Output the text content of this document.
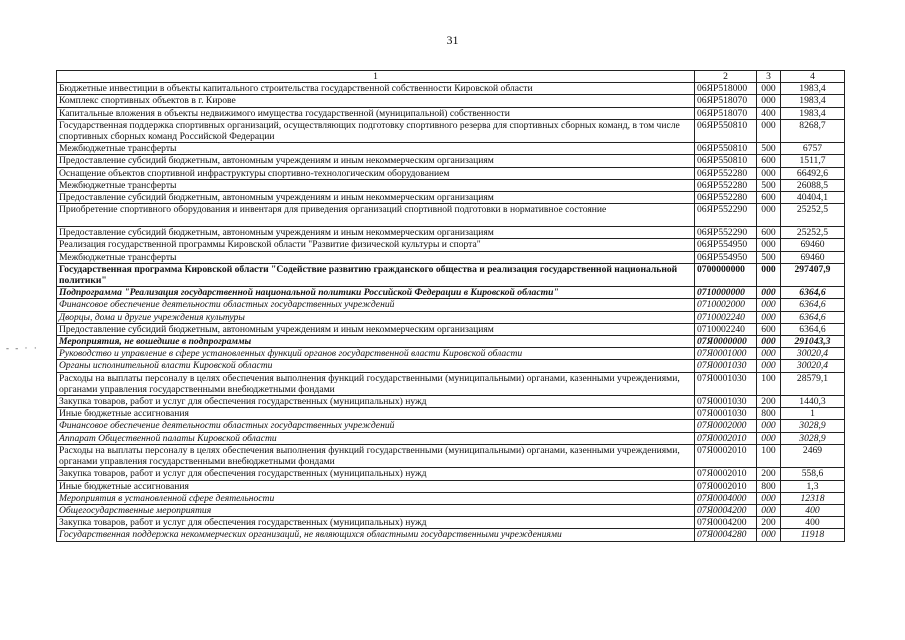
31
- - · ·
1	2	3	4
Бюджетные инвестиции в объекты капитального строительства государственной собственности Кировской области	06ЯР518000	000	1983,4
Комплекс спортивных объектов в г. Кирове	06ЯР518070	000	1983,4
Капитальные вложения в объекты недвижимого имущества государственной (муниципальной) собственности	06ЯР518070	400	1983,4
Государственная поддержка спортивных организаций, осуществляющих подготовку спортивного резерва для спортивных сборных команд, в том числе спортивных сборных команд Российской Федерации	06ЯР550810	000	8268,7
Межбюджетные трансферты	06ЯР550810	500	6757
Предоставление субсидий бюджетным, автономным учреждениям и иным некоммерческим организациям	06ЯР550810	600	1511,7
Оснащение объектов спортивной инфраструктуры спортивно-технологическим оборудованием	06ЯР552280	000	66492,6
Межбюджетные трансферты	06ЯР552280	500	26088,5
Предоставление субсидий бюджетным, автономным учреждениям и иным некоммерческим организациям	06ЯР552280	600	40404,1
Приобретение спортивного оборудования и инвентаря для приведения организаций спортивной подготовки в нормативное состояние	06ЯР552290	000	25252,5
Предоставление субсидий бюджетным, автономным учреждениям и иным некоммерческим организациям	06ЯР552290	600	25252,5
Реализация государственной программы Кировской области "Развитие физической культуры и спорта"	06ЯР554950	000	69460
Межбюджетные трансферты	06ЯР554950	500	69460
Государственная программа Кировской области "Содействие развитию гражданского общества и реализация государственной национальной политики"	0700000000	000	297407,9
Подпрограмма "Реализация государственной национальной политики Российской Федерации в Кировской области"	0710000000	000	6364,6
Финансовое обеспечение деятельности областных государственных учреждений	0710002000	000	6364,6
Дворцы, дома и другие учреждения культуры	0710002240	000	6364,6
Предоставление субсидий бюджетным, автономным учреждениям и иным некоммерческим организациям	0710002240	600	6364,6
Мероприятия, не вошедшие в подпрограммы	07Я0000000	000	291043,3
Руководство и управление в сфере установленных функций органов государственной власти Кировской области	07Я0001000	000	30020,4
Органы исполнительной власти Кировской области	07Я0001030	000	30020,4
Расходы на выплаты персоналу в целях обеспечения выполнения функций государственными (муниципальными) органами, казенными учреждениями, органами управления государственными внебюджетными фондами	07Я0001030	100	28579,1
Закупка товаров, работ и услуг для обеспечения государственных (муниципальных) нужд	07Я0001030	200	1440,3
Иные бюджетные ассигнования	07Я0001030	800	1
Финансовое обеспечение деятельности областных государственных учреждений	07Я0002000	000	3028,9
Аппарат Общественной палаты Кировской области	07Я0002010	000	3028,9
Расходы на выплаты персоналу в целях обеспечения выполнения функций государственными (муниципальными) органами, казенными учреждениями, органами управления государственными внебюджетными фондами	07Я0002010	100	2469
Закупка товаров, работ и услуг для обеспечения государственных (муниципальных) нужд	07Я0002010	200	558,6
Иные бюджетные ассигнования	07Я0002010	800	1,3
Мероприятия в установленной сфере деятельности	07Я0004000	000	12318
Общегосударственные мероприятия	07Я0004200	000	400
Закупка товаров, работ и услуг для обеспечения государственных (муниципальных) нужд	07Я0004200	200	400
Государственная поддержка некоммерческих организаций, не являющихся областными государственными учреждениями	07Я0004280	000	11918
